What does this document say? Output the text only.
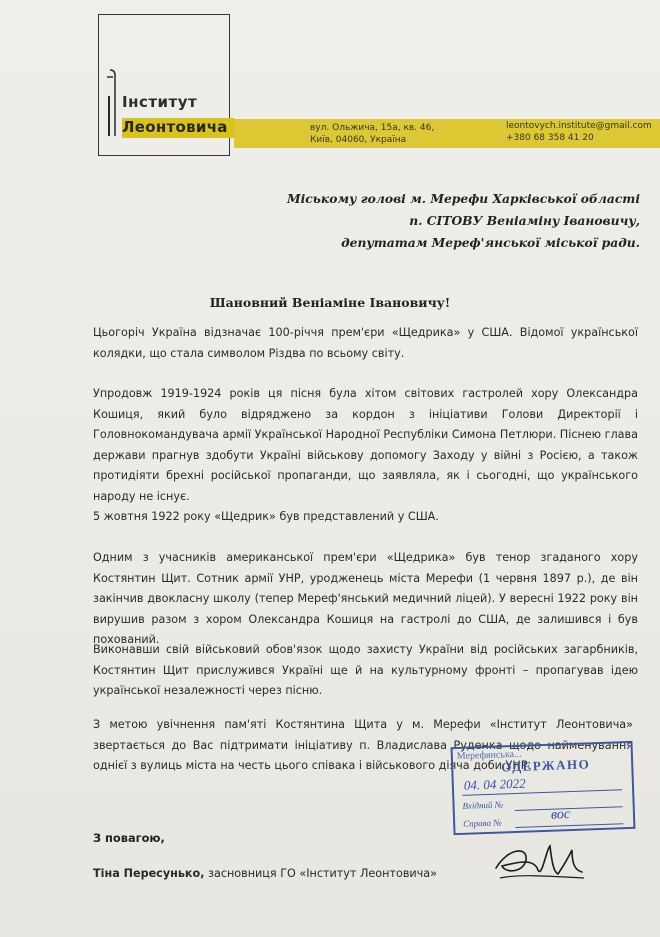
Інститут
Леонтовича	вул. Ольжича, 15а, кв. 46,
Київ, 04060, Україна
leontovych.institute@gmail.com
+380 68 358 41 20
Міському голові м. Мерефи Харківської області
п. СІТОВУ Веніаміну Івановичу,
депутатам Мереф'янської міської ради.
Шановний Веніаміне Івановичу!
Цьогоріч Україна відзначає 100-річчя прем'єри «Щедрика» у США. Відомої української колядки, що стала символом Різдва по всьому світу.
Упродовж 1919-1924 років ця пісня була хітом світових гастролей хору Олександра Кошиця, який було відряджено за кордон з ініціативи Голови Директорії і Головнокомандувача армії Української Народної Республіки Симона Петлюри. Піснею глава держави прагнув здобути Україні військову допомогу Заходу у війні з Росією, а також протидіяти брехні російської пропаганди, що заявляла, як і сьогодні, що українського народу не існує.
5 жовтня 1922 року «Щедрик» був представлений у США.
Одним з учасників американської прем'єри «Щедрика» був тенор згаданого хору Костянтин Щит. Сотник армії УНР, уродженець міста Мерефи (1 червня 1897 р.), де він закінчив двокласну школу (тепер Мереф'янський медичний ліцей). У вересні 1922 року він вирушив разом з хором Олександра Кошиця на гастролі до США, де залишився і був похований.
Виконавши свій військовий обов'язок щодо захисту України від російських загарбників, Костянтин Щит прислужився Україні ще й на культурному фронті – пропагував ідею української незалежності через пісню.
З метою увічнення пам'яті Костянтина Щита у м. Мерефи «Інститут Леонтовича» звертається до Вас підтримати ініціативу п. Владислава Руденка щодо найменування однієї з вулиць міста на честь цього співака і військового діяча доби УНР.
З повагою,
Тіна Пересунько, засновниця ГО «Інститут Леонтовича»
Мерефянська...
ОДЕРЖАНО
04. 04 2022
Вхідний №
Справа №
вос
